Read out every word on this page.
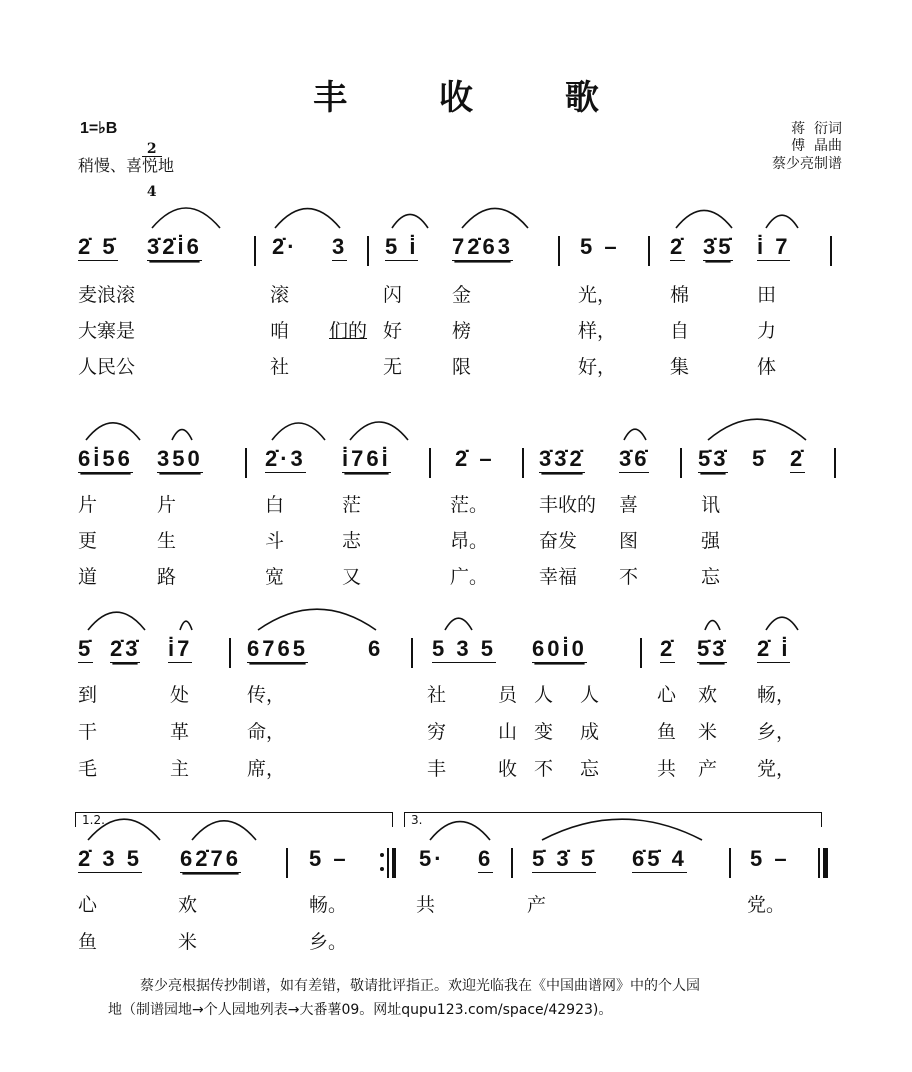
丰 收 歌
1=♭B

2

4

稍慢、喜悦地
蒋  衍词
傅  晶曲
蔡少亮制谱
2̇ 5̇ 3̇2̇i̇6	2̇· 3 5 i̇ 72̇63	5 – 2̇ 3̇5̇ i̇ 7
麦浪滚	滚	闪	金	光，	棉	田
大寨是	咱 们的 好	榜	样，	自	力
人民公	社	无	限	好，	集	体
6i̇56 350	2̇·3 i̇76i̇	2̇ – 3̇3̇2̇ 3̇6̇ 5̇3̇ 5̇ 2̇
片	片	白	茫	茫。	丰收的 喜	讯
更	生	斗	志	昂。	奋发 图	强
道	路	宽	又	广。	幸福 不	忘
5̇ 2̇3̇ i̇7 6765	6 5 3 5 60i̇0	2̇ 5̇3̇ 2̇ i̇
到	处	传，	社	员 人 人	心 欢 畅，
干	革	命，	穷	山 变 成	鱼 米 乡，
毛	主	席，	丰	收 不 忘	共 产 党，
2̇ 3 5 62̇76	5 –	5· 6 5̇ 3̇ 5̇ 6̇5̇ 4	5 –
心	欢	畅。	共	产	党。
鱼	米	乡。
1.2.	3.
蔡少亮根据传抄制谱，如有差错，敬请批评指正。欢迎光临我在《中国曲谱网》中的个人园
地（制谱园地→个人园地列表→大番薯09。网址qupu123.com/space/42923)。
